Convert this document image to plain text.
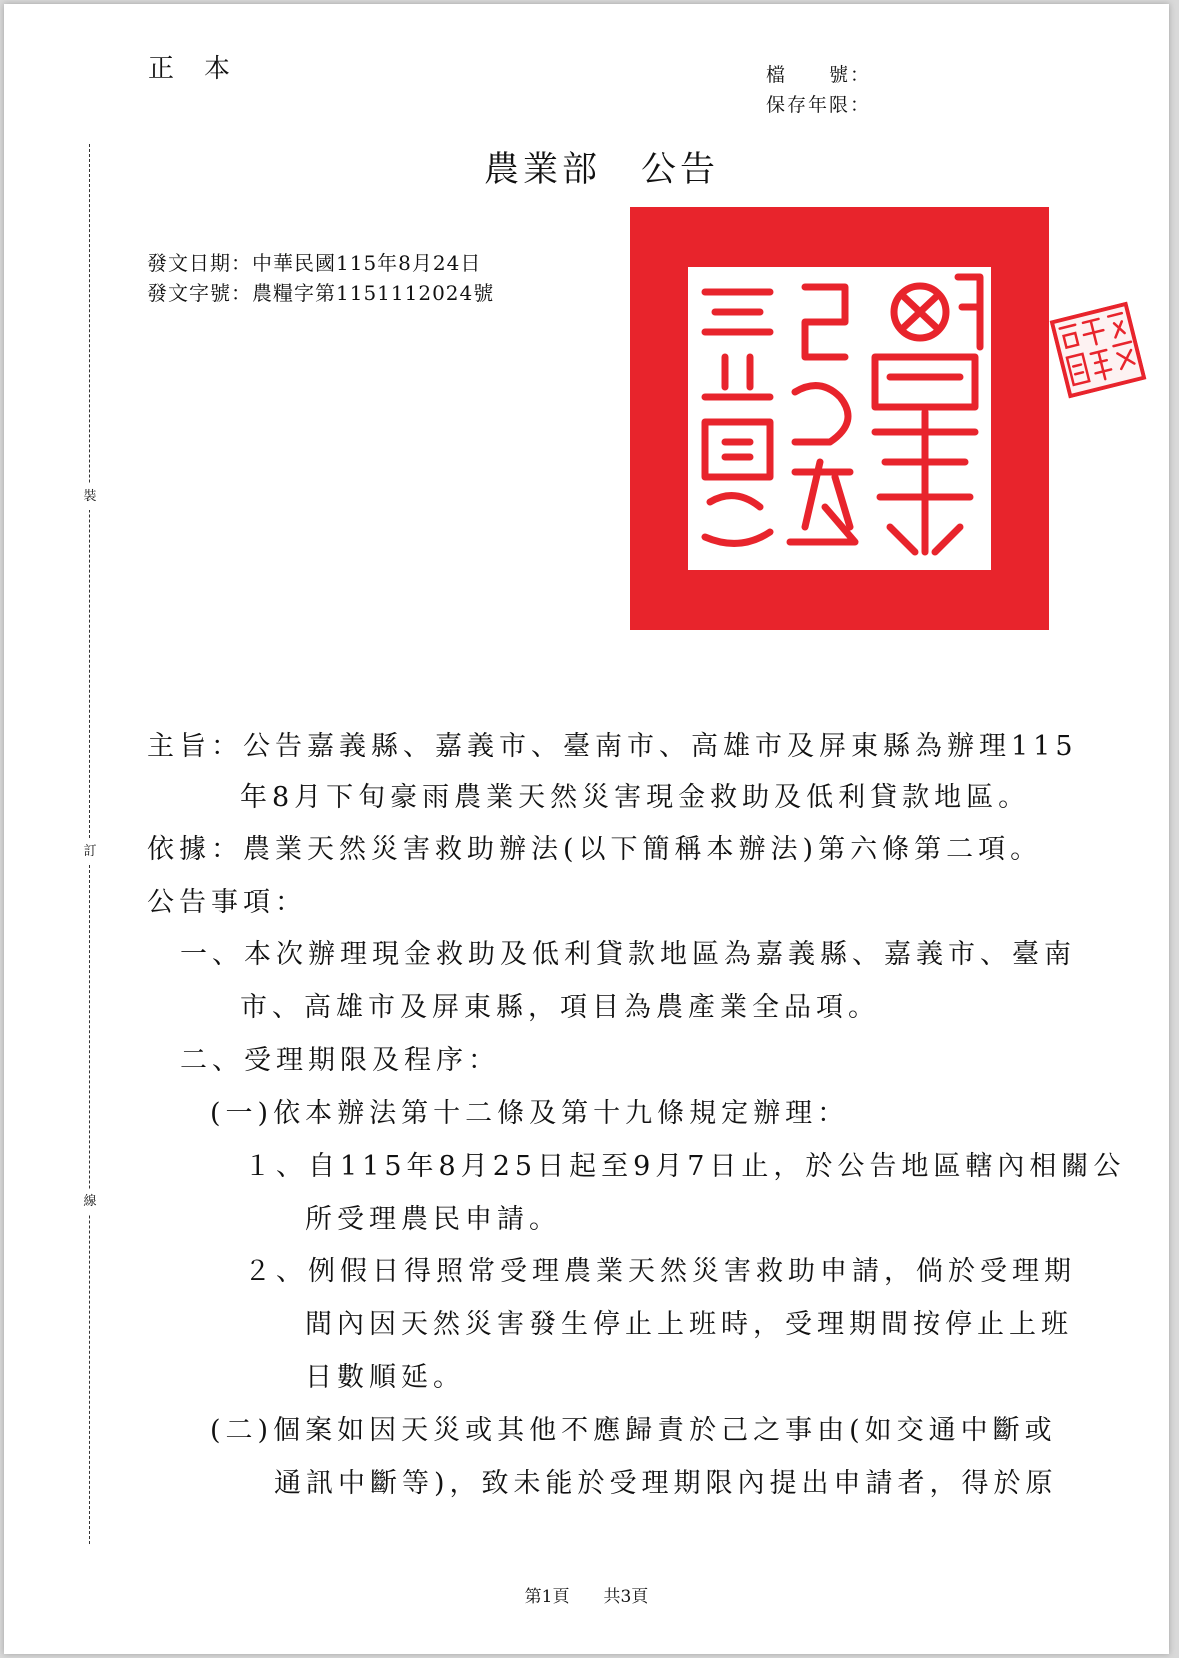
正本	檔　　號：
保存年限：
農業部 公告
發文日期：中華民國115年8月24日
發文字號：農糧字第1151112024號
裝
訂
線
主旨：公告嘉義縣、嘉義市、臺南市、高雄市及屏東縣為辦理115
年8月下旬豪雨農業天然災害現金救助及低利貸款地區。
依據：農業天然災害救助辦法(以下簡稱本辦法)第六條第二項。
公告事項：
一、本次辦理現金救助及低利貸款地區為嘉義縣、嘉義市、臺南
市、高雄市及屏東縣，項目為農產業全品項。
二、受理期限及程序：
(一)依本辦法第十二條及第十九條規定辦理：
１、自115年8月25日起至9月7日止，於公告地區轄內相關公
所受理農民申請。
２、例假日得照常受理農業天然災害救助申請，倘於受理期
間內因天然災害發生停止上班時，受理期間按停止上班
日數順延。
(二)個案如因天災或其他不應歸責於己之事由(如交通中斷或
通訊中斷等)，致未能於受理期限內提出申請者，得於原
第1頁　　共3頁
